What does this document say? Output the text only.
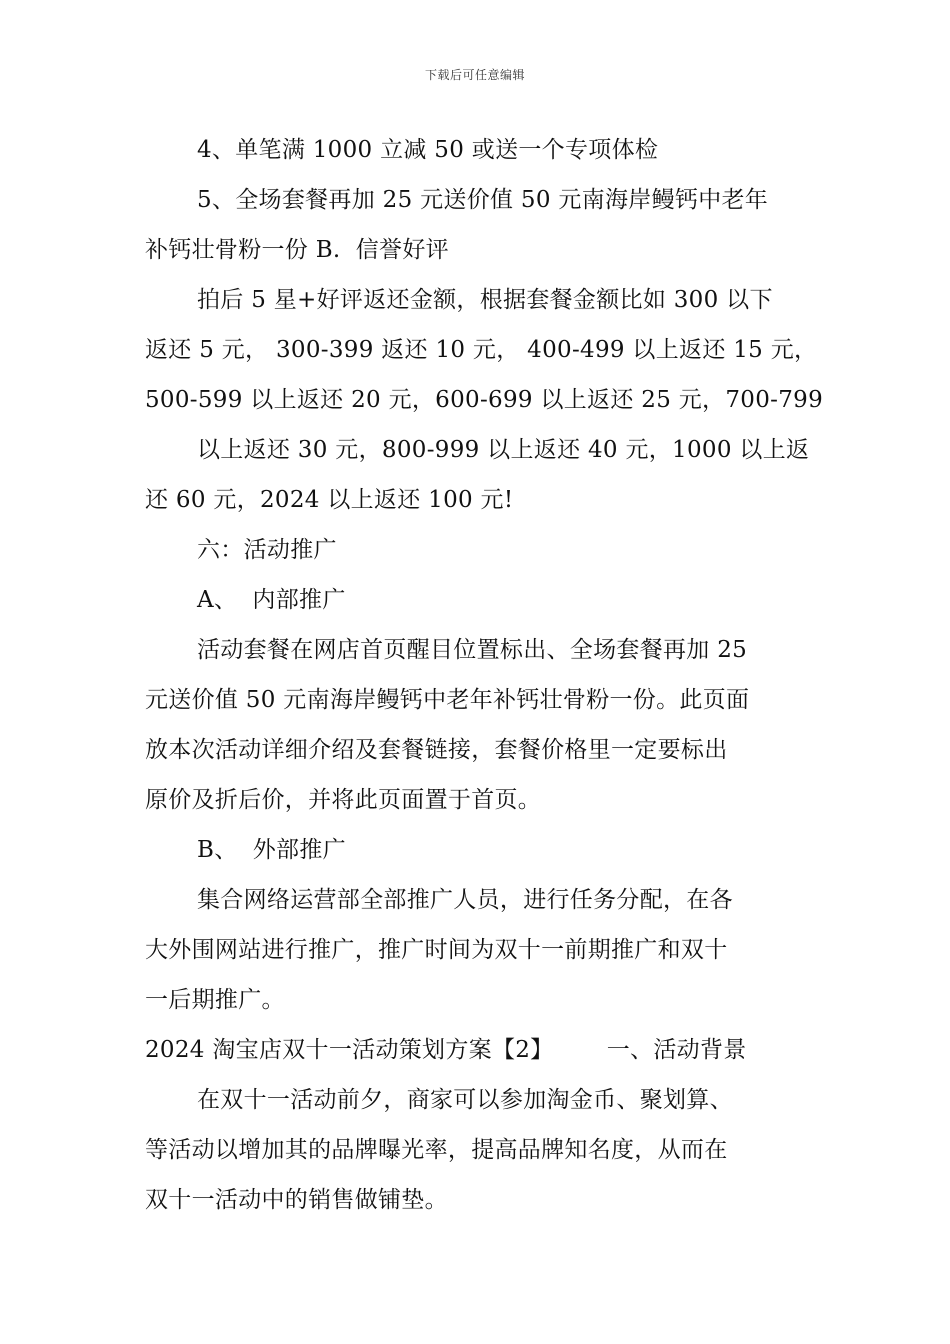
下载后可任意编辑
4、单笔满 1000 立减 50 或送一个专项体检
5、全场套餐再加 25 元送价值 50 元南海岸鳗钙中老年
补钙壮骨粉一份 B.  信誉好评
拍后 5 星+好评返还金额，根据套餐金额比如 300 以下
返还 5 元， 300-399 返还 10 元， 400-499 以上返还 15 元，
500-599 以上返还 20 元，600-699 以上返还 25 元，700-799
以上返还 30 元，800-999 以上返还 40 元，1000 以上返
还 60 元，2024 以上返还 100 元!
六：活动推广
A、  内部推广
活动套餐在网店首页醒目位置标出、全场套餐再加 25
元送价值 50 元南海岸鳗钙中老年补钙壮骨粉一份。此页面
放本次活动详细介绍及套餐链接，套餐价格里一定要标出
原价及折后价，并将此页面置于首页。
B、  外部推广
集合网络运营部全部推广人员，进行任务分配，在各
大外围网站进行推广，推广时间为双十一前期推广和双十
一后期推广。
2024 淘宝店双十一活动策划方案【2】       一、活动背景
在双十一活动前夕，商家可以参加淘金币、聚划算、
等活动以增加其的品牌曝光率，提高品牌知名度，从而在
双十一活动中的销售做铺垫。
